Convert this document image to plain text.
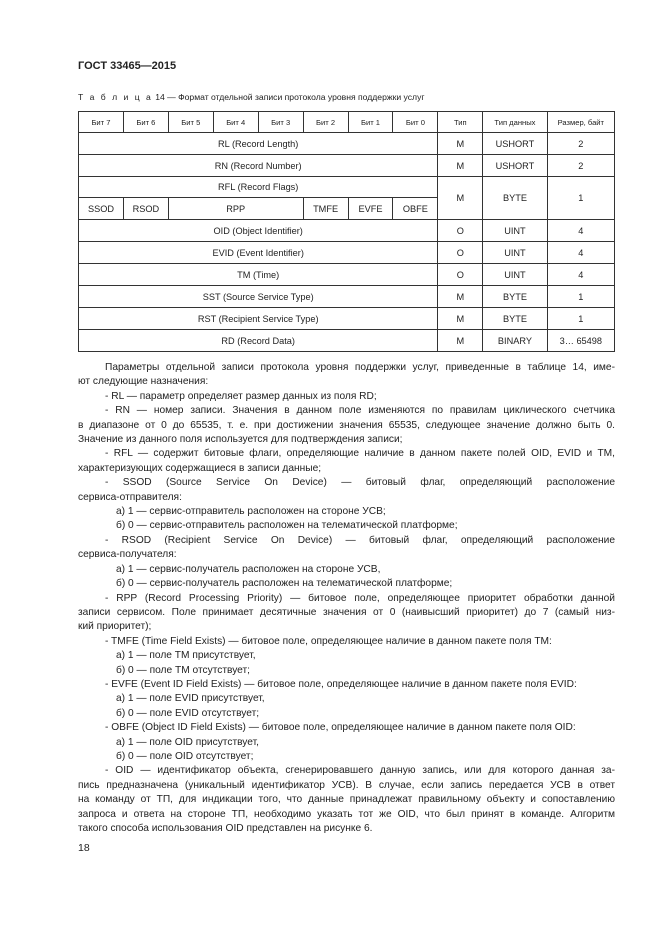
ГОСТ 33465—2015
Т а б л и ц а 14 — Формат отдельной записи протокола уровня поддержки услуг
Бит 7	Бит 6	Бит 5	Бит 4	Бит 3	Бит 2	Бит 1	Бит 0	Тип	Тип данных	Размер, байт
RL (Record Length)								M	USHORT	2
RN (Record Number)								M	USHORT	2
RFL (Record Flags)								M	BYTE	1
SSOD	RSOD	RPP			TMFE	EVFE	OBFE			
OID (Object Identifier)								O	UINT	4
EVID (Event Identifier)								O	UINT	4
TM (Time)								O	UINT	4
SST (Source Service Type)								M	BYTE	1
RST (Recipient Service Type)								M	BYTE	1
RD (Record Data)								M	BINARY	3… 65498

Параметры отдельной записи протокола уровня поддержки услуг, приведенные в таблице 14, име-

ют следующие назначения:

- RL — параметр определяет размер данных из поля RD;

- RN — номер записи. Значения в данном поле изменяются по правилам циклического счетчика

в диапазоне от 0 до 65535, т. е. при достижении значения 65535, следующее значение должно быть 0.

Значение из данного поля используется для подтверждения записи;

- RFL — содержит битовые флаги, определяющие наличие в данном пакете полей OID, EVID и TM,

характеризующих содержащиеся в записи данные;

- SSOD (Source Service On Device) — битовый флаг, определяющий расположение

сервиса-отправителя:

а) 1 — сервис-отправитель расположен на стороне УСВ;

б) 0 — сервис-отправитель расположен на телематической платформе;

- RSOD (Recipient Service On Device) — битовый флаг, определяющий расположение

сервиса-получателя:

а) 1 — сервис-получатель расположен на стороне УСВ,

б) 0 — сервис-получатель расположен на телематической платформе;

- RPP (Record Processing Priority) — битовое поле, определяющее приоритет обработки данной

записи сервисом. Поле принимает десятичные значения от 0 (наивысший приоритет) до 7 (самый низ-

кий приоритет);

- TMFE (Time Field Exists) — битовое поле, определяющее наличие в данном пакете поля TM:

а) 1 — поле TM присутствует,

б) 0 — поле TM отсутствует;

- EVFE (Event ID Field Exists) — битовое поле, определяющее наличие в данном пакете поля EVID:

а) 1 — поле EVID присутствует,

б) 0 — поле EVID отсутствует;

- OBFE (Object ID Field Exists) — битовое поле, определяющее наличие в данном пакете поля OID:

а) 1 — поле OID присутствует,

б) 0 — поле OID отсутствует;

- OID — идентификатор объекта, сгенерировавшего данную запись, или для которого данная за-

пись предназначена (уникальный идентификатор УСВ). В случае, если запись передается УСВ в ответ

на команду от ТП, для индикации того, что данные принадлежат правильному объекту и сопоставлению

запроса и ответа на стороне ТП, необходимо указать тот же OID, что был принят в команде. Алгоритм

такого способа использования OID представлен на рисунке 6.

18
